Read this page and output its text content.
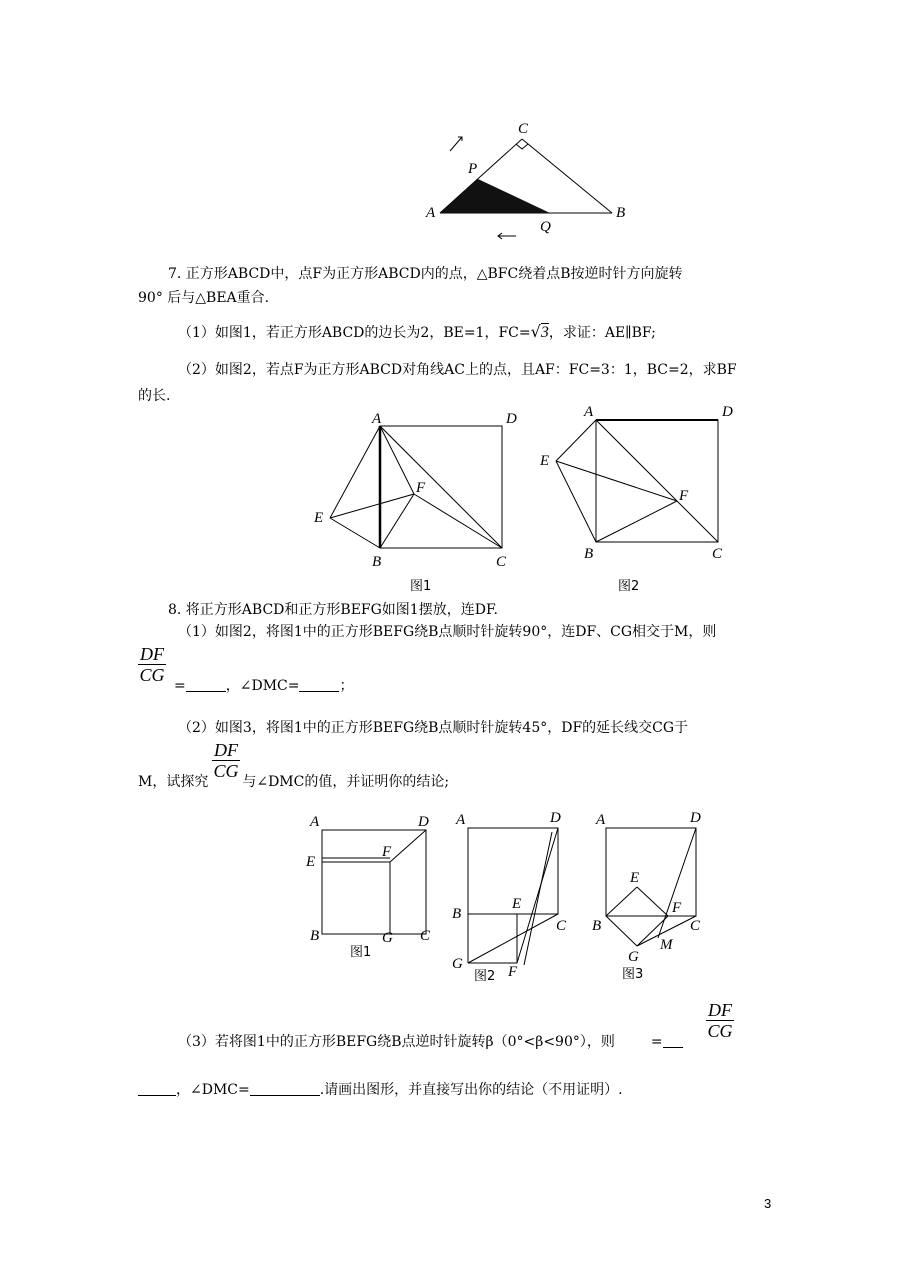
A	B
C
P
Q
7. 正方形ABCD中，点F为正方形ABCD内的点，△BFC绕着点B按逆时针方向旋转
90° 后与△BEA重合.
（1）如图1，若正方形ABCD的边长为2，BE=1，FC=√3，求证：AE∥BF;
（2）如图2，若点F为正方形ABCD对角线AC上的点，且AF：FC=3：1，BC=2，求BF
的长.
A	D
E
F
B	C
图1
A	D
E
F
B	C
图2
8. 将正方形ABCD和正方形BEFG如图1摆放，连DF.
（1）如图2，将图1中的正方形BEFG绕B点顺时针旋转90°，连DF、CG相交于M，则
$\frac{DF}{CG}$
=	，∠DMC=	；
（2）如图3，将图1中的正方形BEFG绕B点顺时针旋转45°，DF的延长线交CG于
$\frac{DF}{CG}$
M，试探究 与∠DMC的值，并证明你的结论;
A	D
E
F
B	G C
图1
A	D
B
E
C
G	F
图2
A	D
E
B
F
C
G
M
图3
$\frac{DF}{CG}$
（3）若将图1中的正方形BEFG绕B点逆时针旋转β（0°<β<90°），则	=
，∠DMC=	.请画出图形，并直接写出你的结论（不用证明）.
3
